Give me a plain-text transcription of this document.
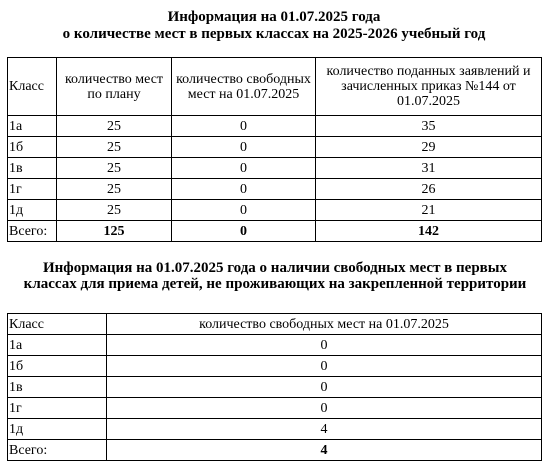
Информация на 01.07.2025 года
о количестве мест в первых классах на 2025-2026 учебный год
Класс	количество мест по плану	количество свободных мест на 01.07.2025	количество поданных заявлений и зачисленных приказ №144 от 01.07.2025
1а	25	0	35
1б	25	0	29
1в	25	0	31
1г	25	0	26
1д	25	0	21
Всего:	125	0	142
Информация на 01.07.2025 года о наличии свободных мест в первых классах для приема детей, не проживающих на закрепленной территории
Класс	количество свободных мест на 01.07.2025
1а	0
1б	0
1в	0
1г	0
1д	4
Всего:	4
